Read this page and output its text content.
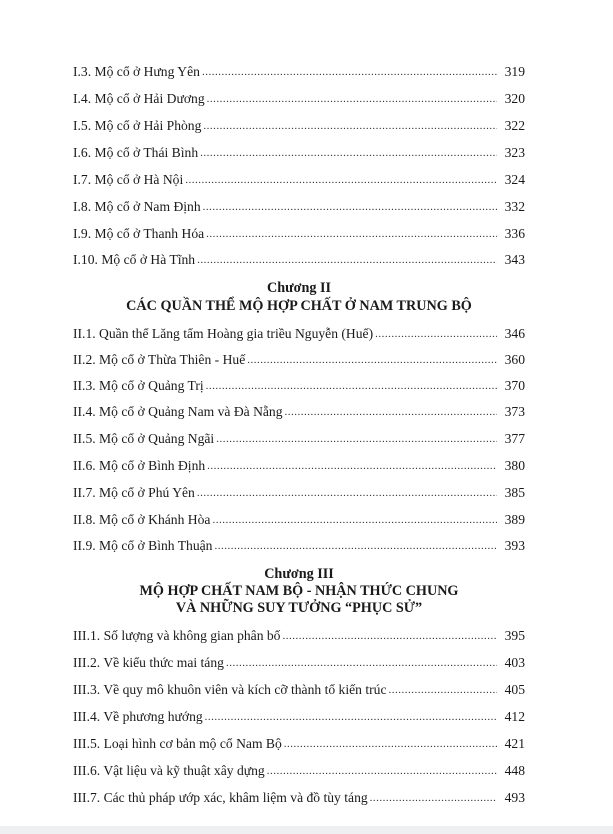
I.3. Mộ cổ ở Hưng Yên .....	319
I.4. Mộ cổ ở Hải Dương .....	320
I.5. Mộ cổ ở Hải Phòng .....	322
I.6. Mộ cổ ở Thái Bình .....	323
I.7. Mộ cổ ở Hà Nội .....	324
I.8. Mộ cổ ở Nam Định .....	332
I.9. Mộ cổ ở Thanh Hóa .....	336
I.10. Mộ cổ ở Hà Tĩnh .....	343
Chương II
CÁC QUẦN THỂ MỘ HỢP CHẤT Ở NAM TRUNG BỘ
II.1. Quần thể Lăng tẩm Hoàng gia triều Nguyễn (Huế) .....	346
II.2. Mộ cổ ở Thừa Thiên - Huế .....	360
II.3. Mộ cổ ở Quảng Trị .....	370
II.4. Mộ cổ ở Quảng Nam và Đà Nẵng .....	373
II.5. Mộ cổ ở Quảng Ngãi .....	377
II.6. Mộ cổ ở Bình Định .....	380
II.7. Mộ cổ ở Phú Yên .....	385
II.8. Mộ cổ ở Khánh Hòa .....	389
II.9. Mộ cổ ở Bình Thuận .....	393
Chương III
MỘ HỢP CHẤT NAM BỘ - NHẬN THỨC CHUNG
VÀ NHỮNG SUY TƯỞNG “PHỤC SỬ”
III.1. Số lượng và không gian phân bố .....	395
III.2. Về kiểu thức mai táng .....	403
III.3. Về quy mô khuôn viên và kích cỡ thành tố kiến trúc .....	405
III.4. Về phương hướng .....	412
III.5. Loại hình cơ bản mộ cổ Nam Bộ .....	421
III.6. Vật liệu và kỹ thuật xây dựng .....	448
III.7. Các thủ pháp ướp xác, khâm liệm và đồ tùy táng .....	493
